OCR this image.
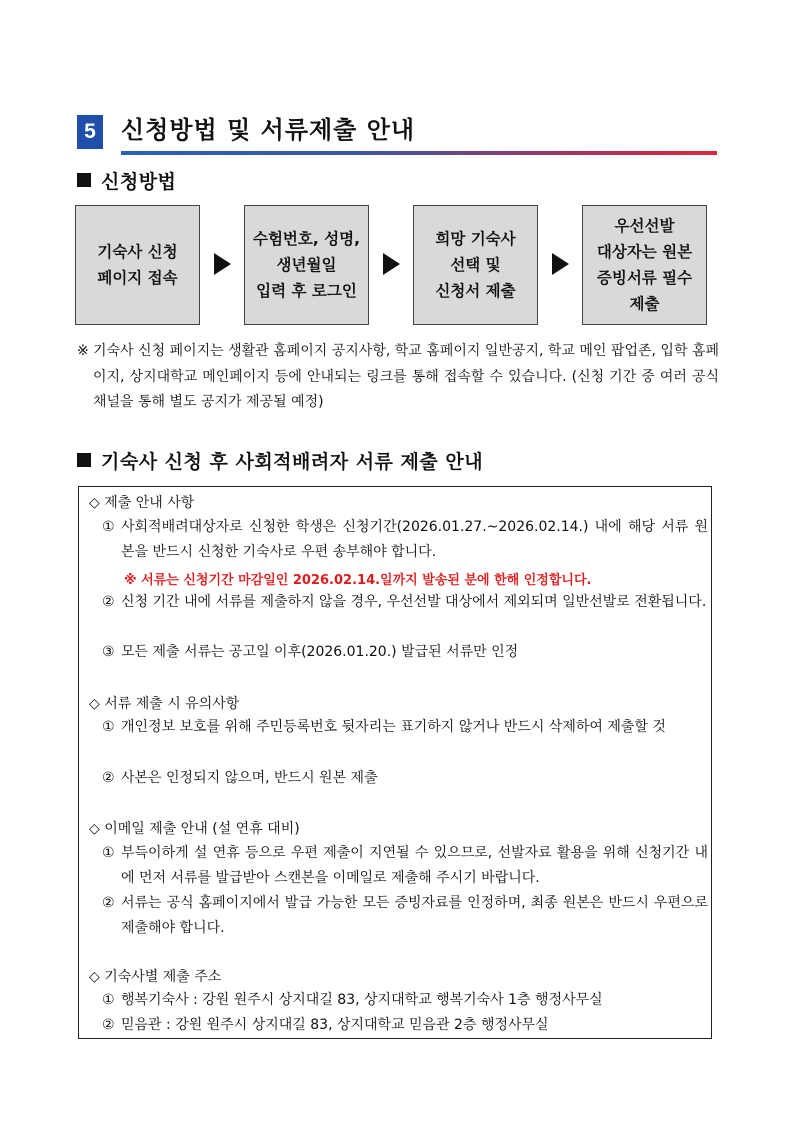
5 신청방법 및 서류제출 안내
신청방법
기숙사 신청
페이지 접속
수험번호, 성명,
생년월일
입력 후 로그인
희망 기숙사
선택 및
신청서 제출
우선선발
대상자는 원본
증빙서류 필수
제출
※ 기숙사 신청 페이지는 생활관 홈페이지 공지사항, 학교 홈페이지 일반공지, 학교 메인 팝업존, 입학 홈페이지, 상지대학교 메인페이지 등에 안내되는 링크를 통해 접속할 수 있습니다. (신청 기간 중 여러 공식 채널을 통해 별도 공지가 제공될 예정)
기숙사 신청 후 사회적배려자 서류 제출 안내
◇ 제출 안내 사항
① 사회적배려대상자로 신청한 학생은 신청기간(2026.01.27.~2026.02.14.) 내에 해당 서류 원본을 반드시 신청한 기숙사로 우편 송부해야 합니다.
※ 서류는 신청기간 마감일인 2026.02.14.일까지 발송된 분에 한해 인정합니다.
② 신청 기간 내에 서류를 제출하지 않을 경우, 우선선발 대상에서 제외되며 일반선발로 전환됩니다.
③ 모든 제출 서류는 공고일 이후(2026.01.20.) 발급된 서류만 인정
◇ 서류 제출 시 유의사항
① 개인정보 보호를 위해 주민등록번호 뒷자리는 표기하지 않거나 반드시 삭제하여 제출할 것
② 사본은 인정되지 않으며, 반드시 원본 제출
◇ 이메일 제출 안내 (설 연휴 대비)
① 부득이하게 설 연휴 등으로 우편 제출이 지연될 수 있으므로, 선발자료 활용을 위해 신청기간 내에 먼저 서류를 발급받아 스캔본을 이메일로 제출해 주시기 바랍니다.
② 서류는 공식 홈페이지에서 발급 가능한 모든 증빙자료를 인정하며, 최종 원본은 반드시 우편으로 제출해야 합니다.
◇ 기숙사별 제출 주소
① 행복기숙사 : 강원 원주시 상지대길 83, 상지대학교 행복기숙사 1층 행정사무실
② 믿음관 : 강원 원주시 상지대길 83, 상지대학교 믿음관 2층 행정사무실
